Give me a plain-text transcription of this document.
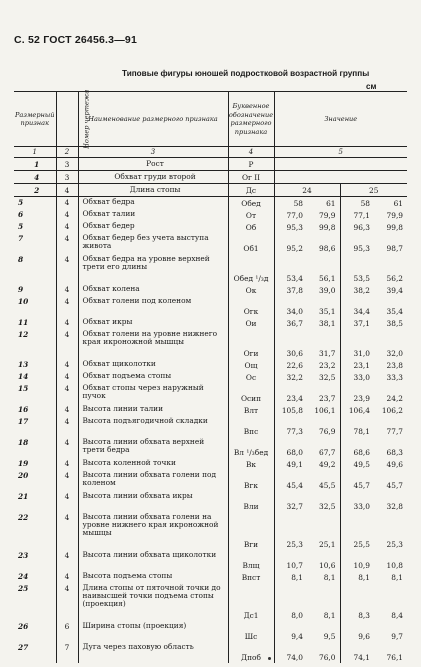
С. 52 ГОСТ 26456.3—91
Типовые фигуры юношей подростковой возрастной группы
см
Размерный признак	Номер чертежа	Наименование размерного признака	Буквенное обозначение размерного признака	Значение			
1	2	3	4	5			
1	3	Рост	Р				
4	3	Обхват груди второй	Ог II				
2	4	Длина стопы	Дс	24		25	
5	4	Обхват бедра	Обед	58	61	58	61
6	4	Обхват талии	От	77,0	79,9	77,1	79,9
5	4	Обхват бедер	Об	95,3	99,8	96,3	99,8
7	4	Обхват бедер без учета выступа живота	Об1	95,2	98,6	95,3	98,7
8	4	Обхват бедра на уровне верхней трети его длины	Обед ¹/₃д	53,4	56,1	53,5	56,2
9	4	Обхват колена	Ок	37,8	39,0	38,2	39,4
10	4	Обхват голени под коленом	Огк	34,0	35,1	34,4	35,4
11	4	Обхват икры	Ои	36,7	38,1	37,1	38,5
12	4	Обхват голени на уровне нижнего края икроножной мышцы	Оги	30,6	31,7	31,0	32,0
13	4	Обхват щиколотки	Ощ	22,6	23,2	23,1	23,8
14	4	Обхват подъема стопы	Ос	32,2	32,5	33,0	33,3
15	4	Обхват стопы через наружный пучок	Осип	23,4	23,7	23,9	24,2
16	4	Высота линии талии	Влт	105,8	106,1	106,4	106,2
17	4	Высота подъягодичной складки	Впс	77,3	76,9	78,1	77,7
18	4	Высота линии обхвата верхней трети бедра	Вл ¹/₃бед	68,0	67,7	68,6	68,3
19	4	Высота коленной точки	Вк	49,1	49,2	49,5	49,6
20	4	Высота линии обхвата голени под коленом	Вгк	45,4	45,5	45,7	45,7
21	4	Высота линии обхвата икры	Вли	32,7	32,5	33,0	32,8
22	4	Высота линии обхвата голени на уровне нижнего края икроножной мышцы	Вги	25,3	25,1	25,5	25,3
23	4	Высота линии обхвата щиколотки	Влщ	10,7	10,6	10,9	10,8
24	4	Высота подъема стопы	Впст	8,1	8,1	8,1	8,1
25	4	Длина стопы от пяточной точки до наивысшей точки подъема стопы (проекция)	Дс1	8,0	8,1	8,3	8,4
26	6	Ширина стопы (проекция)	Шс	9,4	9,5	9,6	9,7
27	7	Дуга через паховую область	Дпоб	74,0	76,0	74,1	76,1
